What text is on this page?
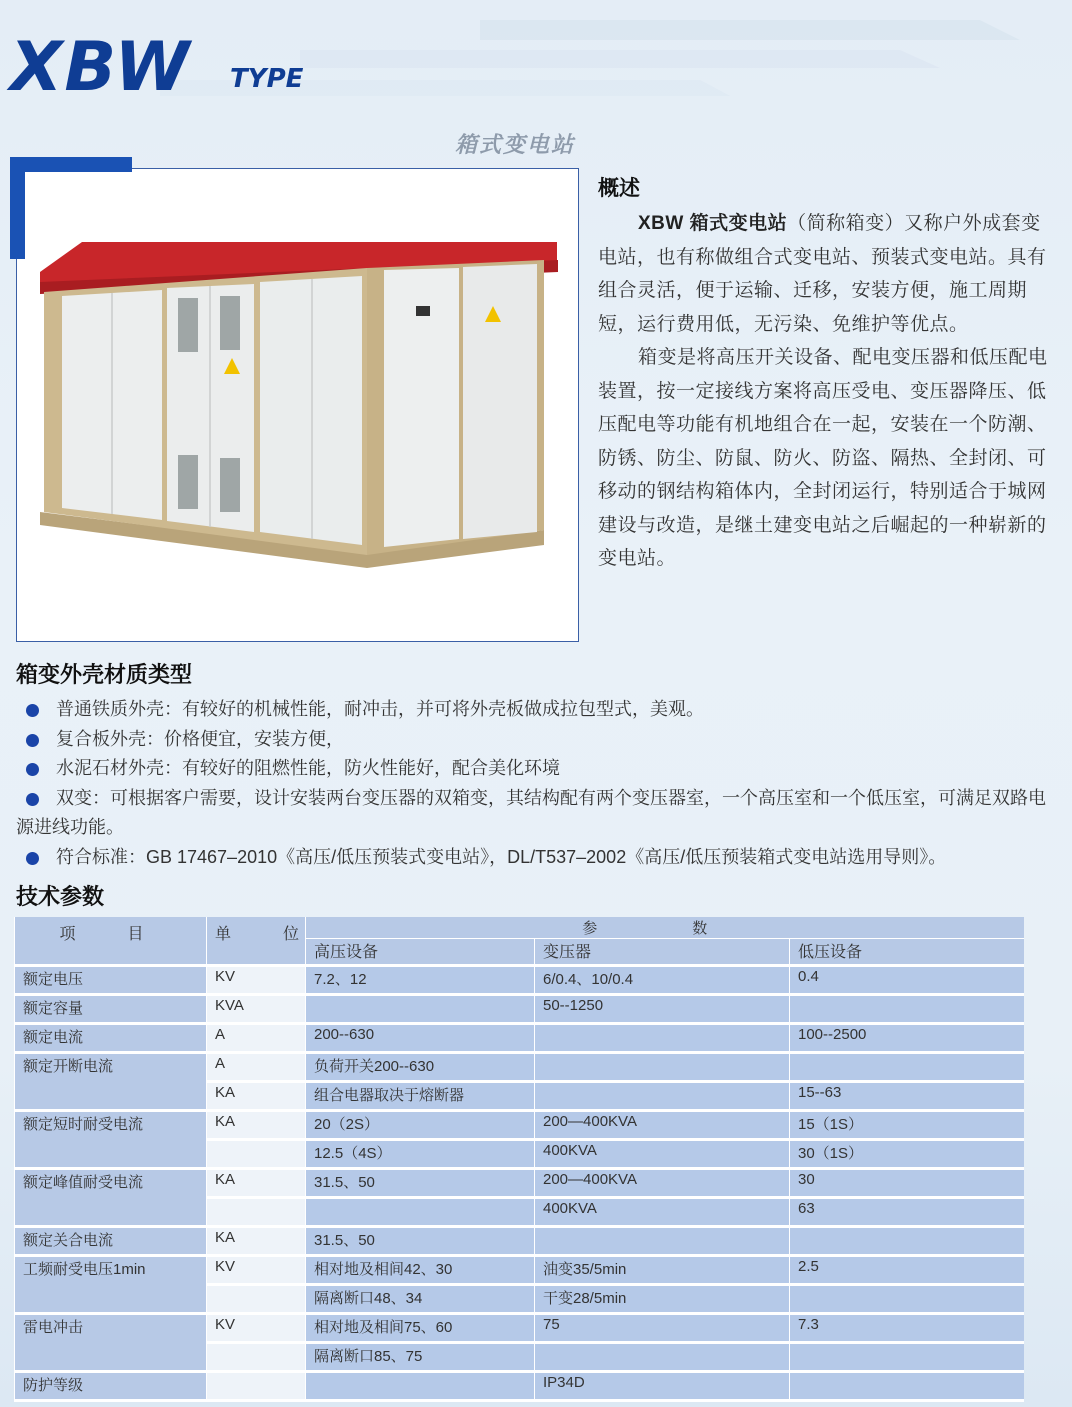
XBW TYPE
箱式变电站
概述

XBW 箱式变电站（简称箱变）又称户外成套变电站，也有称做组合式变电站、预装式变电站。具有组合灵活，便于运输、迁移，安装方便，施工周期短，运行费用低，无污染、免维护等优点。

箱变是将高压开关设备、配电变压器和低压配电装置，按一定接线方案将高压受电、变压器降压、低压配电等功能有机地组合在一起，安装在一个防潮、防锈、防尘、防鼠、防火、防盗、隔热、全封闭、可移动的钢结构箱体内，全封闭运行，特别适合于城网建设与改造，是继土建变电站之后崛起的一种崭新的变电站。

箱变外壳材质类型
普通铁质外壳：有较好的机械性能，耐冲击，并可将外壳板做成拉包型式，美观。
复合板外壳：价格便宜，安装方便，
水泥石材外壳：有较好的阻燃性能，防火性能好，配合美化环境
双变：可根据客户需要，设计安装两台变压器的双箱变，其结构配有两个变压器室，一个高压室和一个低压室，可满足双路电源进线功能。
符合标准：GB 17467–2010《高压/低压预装式变电站》，DL/T537–2002《高压/低压预装箱式变电站选用导则》。
技术参数
项　目	单　位	参　数		
		高压设备	变压器	低压设备
额定电压	KV	7.2、12	6/0.4、10/0.4	0.4
额定容量	KVA		50--1250	
额定电流	A	200--630		100--2500
额定开断电流	A	负荷开关200--630		
	KA	组合电器取决于熔断器		15--63
额定短时耐受电流	KA	20（2S）	200—400KVA	15（1S）
		12.5（4S）	400KVA	30（1S）
额定峰值耐受电流	KA	31.5、50	200—400KVA	30
			400KVA	63
额定关合电流	KA	31.5、50		
工频耐受电压1min	KV	相对地及相间42、30	油变35/5min	2.5
		隔离断口48、34	干变28/5min	
雷电冲击	KV	相对地及相间75、60	75	7.3
		隔离断口85、75		
防护等级			IP34D	
